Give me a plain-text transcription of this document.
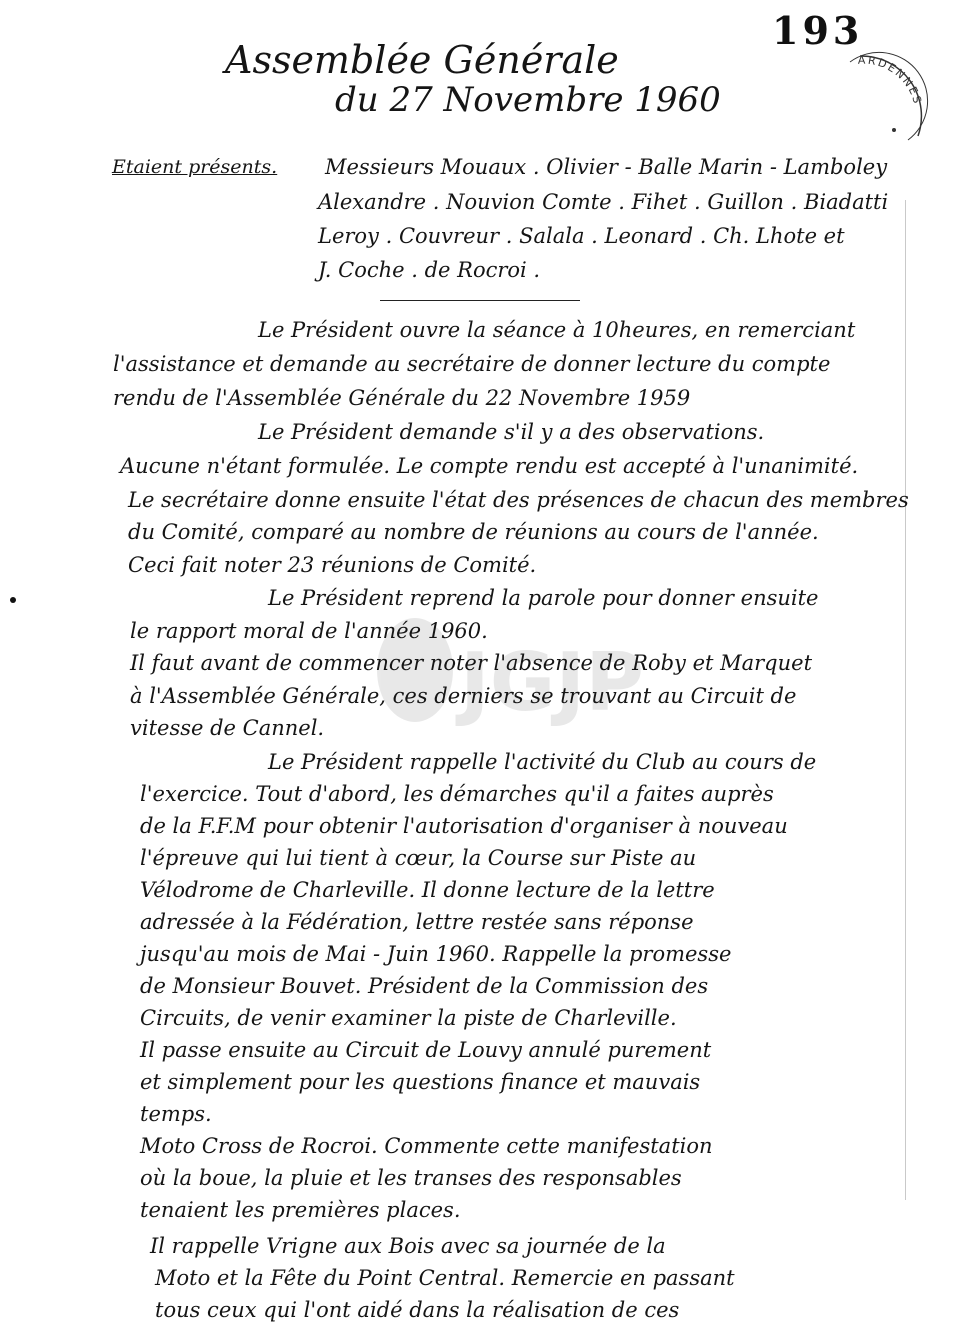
193
ARDENNES
Assemblée Générale
du 27 Novembre 1960
Etaient présents. Messieurs Mouaux . Olivier - Balle Marin - Lamboley
Alexandre . Nouvion Comte . Fihet . Guillon . Biadatti
Leroy . Couvreur . Salala . Leonard . Ch. Lhote et
J. Coche . de Rocroi .
JGJP
Le Président ouvre la séance à 10heures, en remerciant
l'assistance et demande au secrétaire de donner lecture du compte
rendu de l'Assemblée Générale du 22 Novembre 1959
Le Président demande s'il y a des observations.
Aucune n'étant formulée. Le compte rendu est accepté à l'unanimité.
Le secrétaire donne ensuite l'état des présences de chacun des membres
du Comité, comparé au nombre de réunions au cours de l'année.
Ceci fait noter 23 réunions de Comité.
Le Président reprend la parole pour donner ensuite
le rapport moral de l'année 1960.
Il faut avant de commencer noter l'absence de Roby et Marquet
à l'Assemblée Générale, ces derniers se trouvant au Circuit de
vitesse de Cannel.
Le Président rappelle l'activité du Club au cours de
l'exercice. Tout d'abord, les démarches qu'il a faites auprès
de la F.F.M pour obtenir l'autorisation d'organiser à nouveau
l'épreuve qui lui tient à cœur, la Course sur Piste au
Vélodrome de Charleville. Il donne lecture de la lettre
adressée à la Fédération, lettre restée sans réponse
jusqu'au mois de Mai - Juin 1960. Rappelle la promesse
de Monsieur Bouvet. Président de la Commission des
Circuits, de venir examiner la piste de Charleville.
Il passe ensuite au Circuit de Louvy annulé purement
et simplement pour les questions finance et mauvais
temps.
Moto Cross de Rocroi. Commente cette manifestation
où la boue, la pluie et les transes des responsables
tenaient les premières places.
Il rappelle Vrigne aux Bois avec sa journée de la
Moto et la Fête du Point Central. Remercie en passant
tous ceux qui l'ont aidé dans la réalisation de ces
